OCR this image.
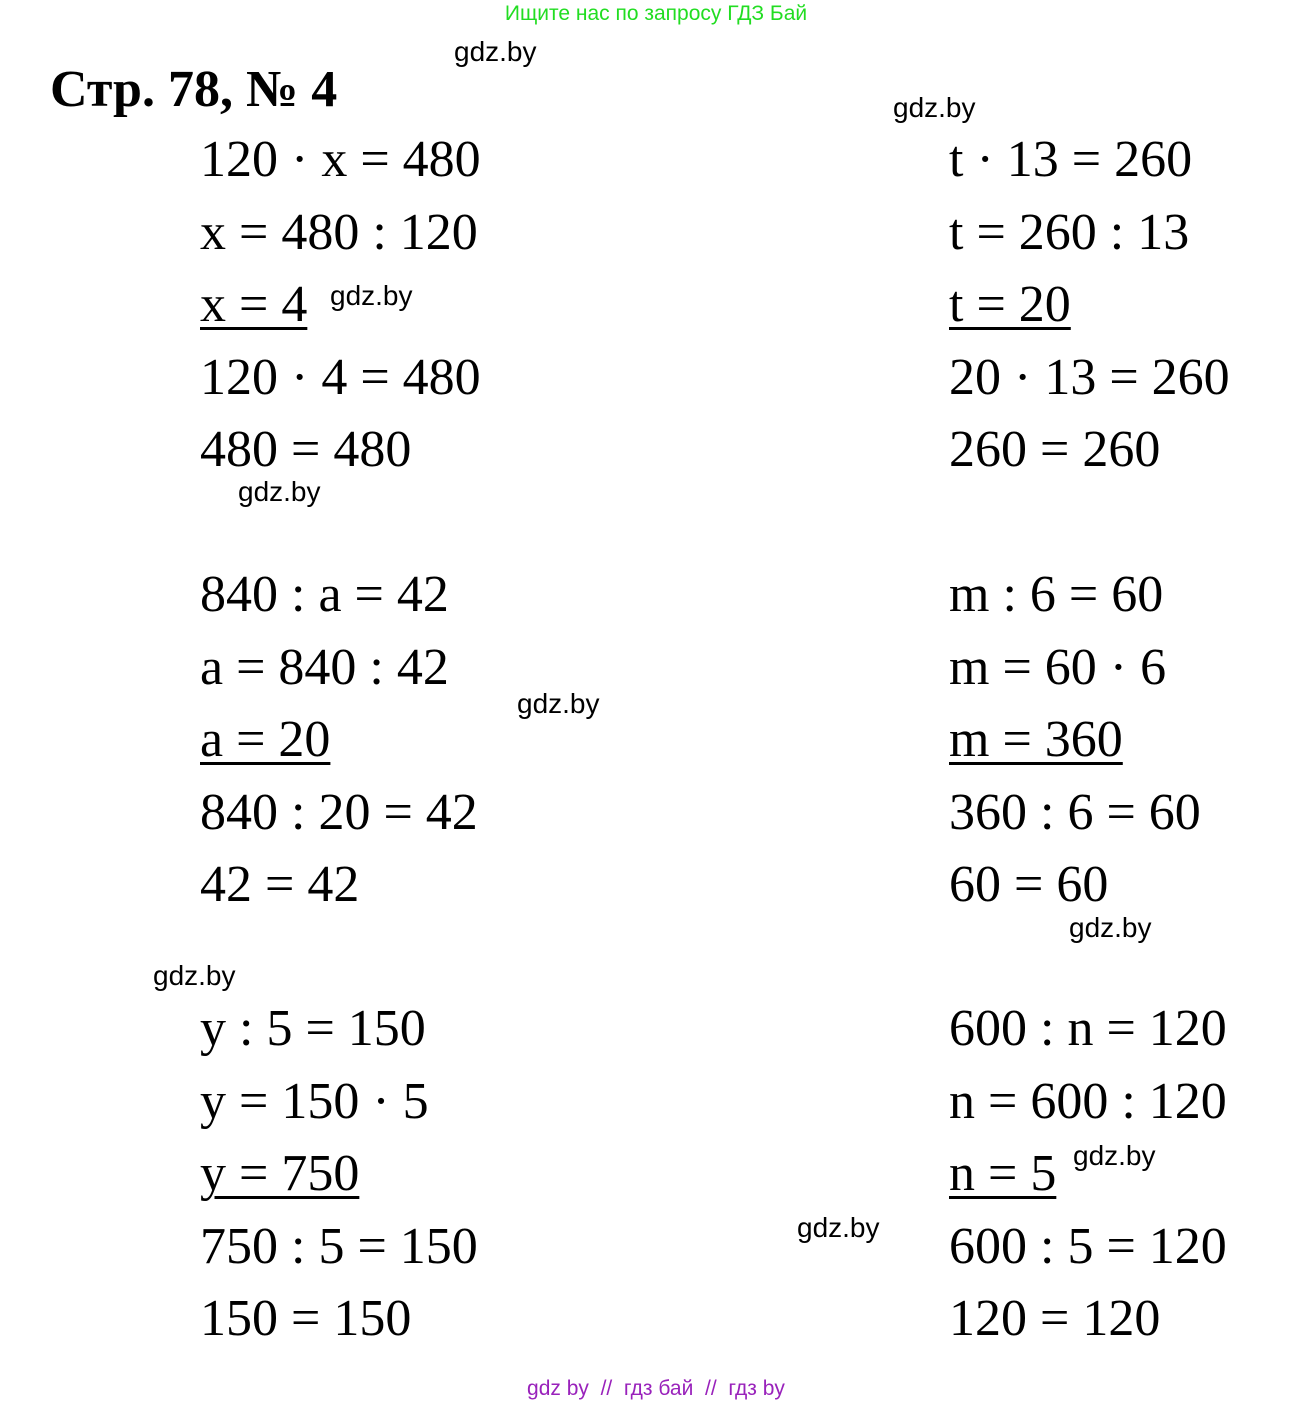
Ищите нас по запросу ГДЗ Бай
Стр. 78, № 4
gdz.by
gdz.by
gdz.by
gdz.by
gdz.by
gdz.by
gdz.by
gdz.by
gdz.by
120 · x = 480
x = 480 : 120
x = 4
120 · 4 = 480
480 = 480
t · 13 = 260
t = 260 : 13
t = 20
20 · 13 = 260
260 = 260
840 : a = 42
a = 840 : 42
a = 20
840 : 20 = 42
42 = 42
m : 6 = 60
m = 60 · 6
m = 360
360 : 6 = 60
60 = 60
y : 5 = 150
y = 150 · 5
y = 750
750 : 5 = 150
150 = 150
600 : n = 120
n = 600 : 120
n = 5
600 : 5 = 120
120 = 120
gdz by  //  гдз бай  //  гдз by
